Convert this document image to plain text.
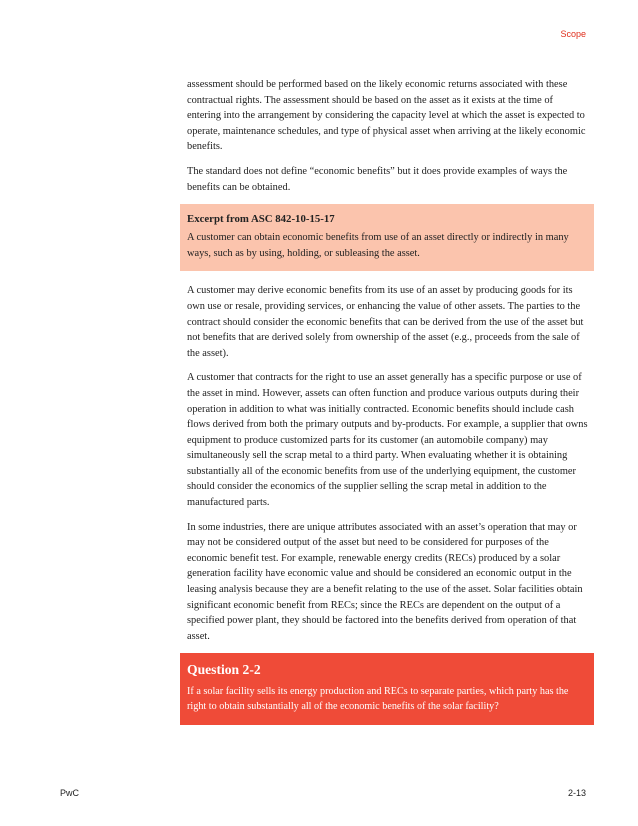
Scope

assessment should be performed based on the likely economic returns associated with these contractual rights. The assessment should be based on the asset as it exists at the time of entering into the arrangement by considering the capacity level at which the asset is expected to operate, maintenance schedules, and type of physical asset when arriving at the likely economic benefits.

The standard does not define “economic benefits” but it does provide examples of ways the benefits can be obtained.

Excerpt from ASC 842-10-15-17
A customer can obtain economic benefits from use of an asset directly or indirectly in many ways, such as by using, holding, or subleasing the asset.

A customer may derive economic benefits from its use of an asset by producing goods for its own use or resale, providing services, or enhancing the value of other assets. The parties to the contract should consider the economic benefits that can be derived from the use of the asset but not benefits that are derived solely from ownership of the asset (e.g., proceeds from the sale of the asset).

A customer that contracts for the right to use an asset generally has a specific purpose or use of the asset in mind. However, assets can often function and produce various outputs during their operation in addition to what was initially contracted. Economic benefits should include cash flows derived from both the primary outputs and by-products. For example, a supplier that owns equipment to produce customized parts for its customer (an automobile company) may simultaneously sell the scrap metal to a third party. When evaluating whether it is obtaining substantially all of the economic benefits from use of the underlying equipment, the customer should consider the economics of the supplier selling the scrap metal in addition to the manufactured parts.

In some industries, there are unique attributes associated with an asset’s operation that may or may not be considered output of the asset but need to be considered for purposes of the economic benefit test. For example, renewable energy credits (RECs) produced by a solar generation facility have economic value and should be considered an economic output in the leasing analysis because they are a benefit relating to the use of the asset. Solar facilities obtain significant economic benefit from RECs; since the RECs are dependent on the output of a specified power plant, they should be factored into the benefits derived from operation of that asset.

Question 2-2
If a solar facility sells its energy production and RECs to separate parties, which party has the right to obtain substantially all of the economic benefits of the solar facility?
PwC	2-13
